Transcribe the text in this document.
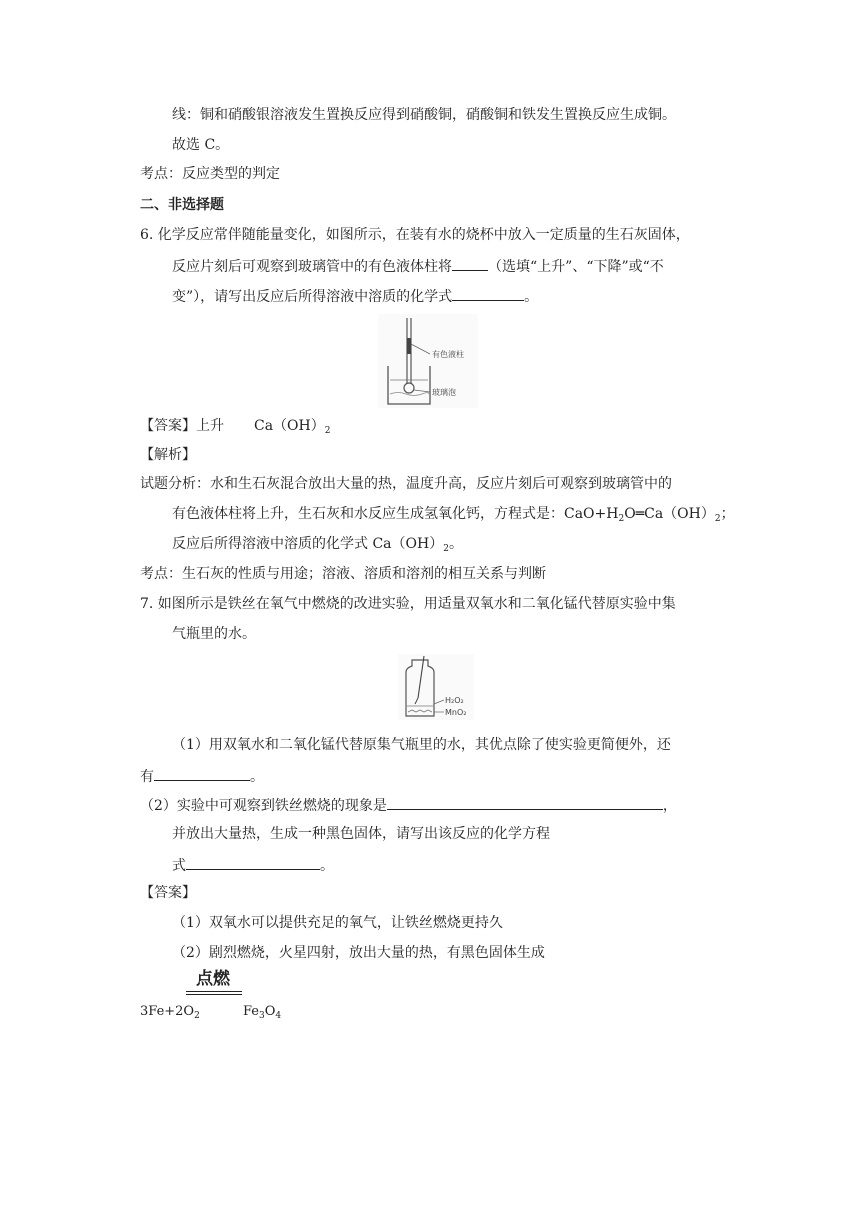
线：铜和硝酸银溶液发生置换反应得到硝酸铜，硝酸铜和铁发生置换反应生成铜。
故选 C。
考点：反应类型的判定
二、非选择题
6. 化学反应常伴随能量变化，如图所示，在装有水的烧杯中放入一定质量的生石灰固体，
反应片刻后可观察到玻璃管中的有色液体柱将	（选填“上升”、“下降”或“不
变”），请写出反应后所得溶液中溶质的化学式	。
有色液柱
玻璃泡
【答案】上升 $Ca(OH)_2$
【解析】
试题分析：水和生石灰混合放出大量的热，温度升高，反应片刻后可观察到玻璃管中的
有色液体柱将上升，生石灰和水反应生成氢氧化钙，方程式是：$CaO+H_2O═Ca(OH)_2$；
反应后所得溶液中溶质的化学式 $Ca(OH)_2$。
考点：生石灰的性质与用途；溶液、溶质和溶剂的相互关系与判断
7. 如图所示是铁丝在氧气中燃烧的改进实验，用适量双氧水和二氧化锰代替原实验中集
气瓶里的水。
H₂O₂
MnO₂
（1）用双氧水和二氧化锰代替原集气瓶里的水，其优点除了使实验更简便外，还
有	。
（2）实验中可观察到铁丝燃烧的现象是	，
并放出大量热，生成一种黑色固体，请写出该反应的化学方程
式	。
【答案】
（1）双氧水可以提供充足的氧气，让铁丝燃烧更持久
（2）剧烈燃烧，火星四射，放出大量的热，有黑色固体生成
点燃
$3Fe+2O_2$	$Fe_3O_4$
